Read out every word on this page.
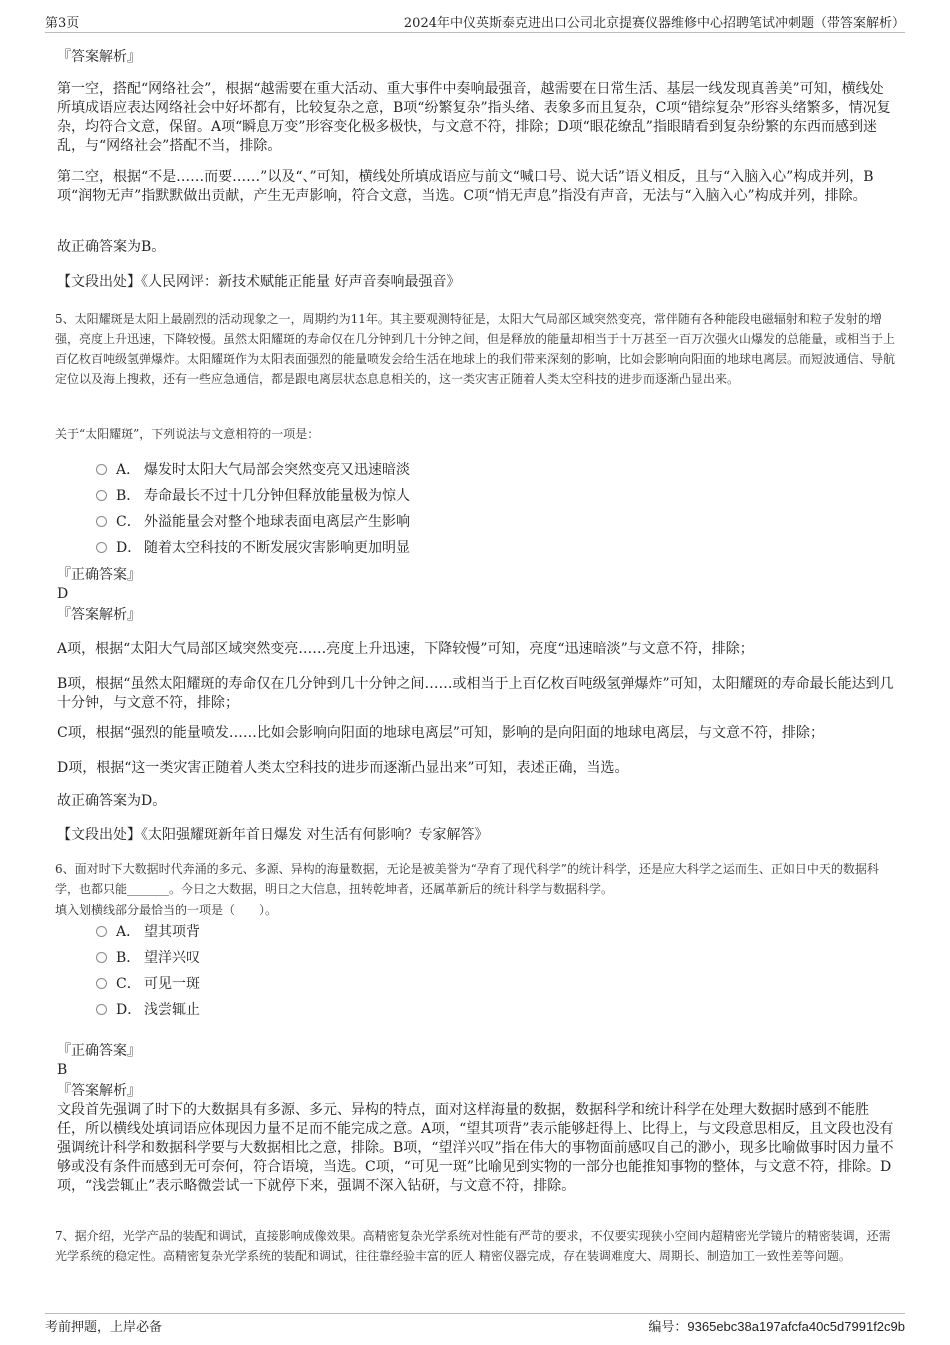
第3页	2024年中仪英斯泰克进出口公司北京提赛仪器维修中心招聘笔试冲刺题（带答案解析）
『答案解析』

第一空，搭配“网络社会”，根据“越需要在重大活动、重大事件中奏响最强音，越需要在日常生活、基层一线发现真善美”可知，横线处所填成语应表达网络社会中好坏都有，比较复杂之意，B项“纷繁复杂”指头绪、表象多而且复杂，C项“错综复杂”形容头绪繁多，情况复杂，均符合文意，保留。A项“瞬息万变”形容变化极多极快，与文意不符，排除；D项“眼花缭乱”指眼睛看到复杂纷繁的东西而感到迷乱，与“网络社会”搭配不当，排除。

第二空，根据“不是……而要……”以及“、”可知，横线处所填成语应与前文“喊口号、说大话”语义相反，且与“入脑入心”构成并列，B项“润物无声”指默默做出贡献，产生无声影响，符合文意，当选。C项“悄无声息”指没有声音，无法与“入脑入心”构成并列，排除。

故正确答案为B。
【文段出处】《人民网评：新技术赋能正能量 好声音奏响最强音》

5、太阳耀斑是太阳上最剧烈的活动现象之一，周期约为11年。其主要观测特征是，太阳大气局部区域突然变亮，常伴随有各种能段电磁辐射和粒子发射的增强，亮度上升迅速，下降较慢。虽然太阳耀斑的寿命仅在几分钟到几十分钟之间，但是释放的能量却相当于十万甚至一百万次强火山爆发的总能量，或相当于上百亿枚百吨级氢弹爆炸。太阳耀斑作为太阳表面强烈的能量喷发会给生活在地球上的我们带来深刻的影响，比如会影响向阳面的地球电离层。而短波通信、导航定位以及海上搜救，还有一些应急通信，都是跟电离层状态息息相关的，这一类灾害正随着人类太空科技的进步而逐渐凸显出来。

关于“太阳耀斑”，下列说法与文意相符的一项是：

A． 爆发时太阳大气局部会突然变亮又迅速暗淡
B． 寿命最长不过十几分钟但释放能量极为惊人
C． 外溢能量会对整个地球表面电离层产生影响
D． 随着太空科技的不断发展灾害影响更加明显
『正确答案』
D
『答案解析』

A项，根据“太阳大气局部区域突然变亮……亮度上升迅速，下降较慢”可知，亮度“迅速暗淡”与文意不符，排除；

B项，根据“虽然太阳耀斑的寿命仅在几分钟到几十分钟之间……或相当于上百亿枚百吨级氢弹爆炸”可知，太阳耀斑的寿命最长能达到几十分钟，与文意不符，排除；

C项，根据“强烈的能量喷发……比如会影响向阳面的地球电离层”可知，影响的是向阳面的地球电离层，与文意不符，排除；

D项，根据“这一类灾害正随着人类太空科技的进步而逐渐凸显出来”可知，表述正确，当选。

故正确答案为D。
【文段出处】《太阳强耀斑新年首日爆发 对生活有何影响？专家解答》

6、面对时下大数据时代奔涌的多元、多源、异构的海量数据，无论是被美誉为“孕育了现代科学”的统计科学，还是应大科学之运而生、正如日中天的数据科学，也都只能_______。今日之大数据，明日之大信息，扭转乾坤者，还属革新后的统计科学与数据科学。

填入划横线部分最恰当的一项是（　　）。

A． 望其项背
B． 望洋兴叹
C． 可见一斑
D． 浅尝辄止
『正确答案』
B
『答案解析』

文段首先强调了时下的大数据具有多源、多元、异构的特点，面对这样海量的数据，数据科学和统计科学在处理大数据时感到不能胜任，所以横线处填词语应体现因力量不足而不能完成之意。A项，“望其项背”表示能够赶得上、比得上，与文段意思相反，且文段也没有强调统计科学和数据科学要与大数据相比之意，排除。B项，“望洋兴叹”指在伟大的事物面前感叹自己的渺小，现多比喻做事时因力量不够或没有条件而感到无可奈何，符合语境，当选。C项，“可见一斑”比喻见到实物的一部分也能推知事物的整体，与文意不符，排除。D项，“浅尝辄止”表示略微尝试一下就停下来，强调不深入钻研，与文意不符，排除。

7、据介绍，光学产品的装配和调试，直接影响成像效果。高精密复杂光学系统对性能有严苛的要求，不仅要实现狭小空间内超精密光学镜片的精密装调，还需 光学系统的稳定性。高精密复杂光学系统的装配和调试，往往靠经验丰富的匠人 精密仪器完成，存在装调难度大、周期长、制造加工一致性差等问题。

考前押题，上岸必备	编号：9365ebc38a197afcfa40c5d7991f2c9b
